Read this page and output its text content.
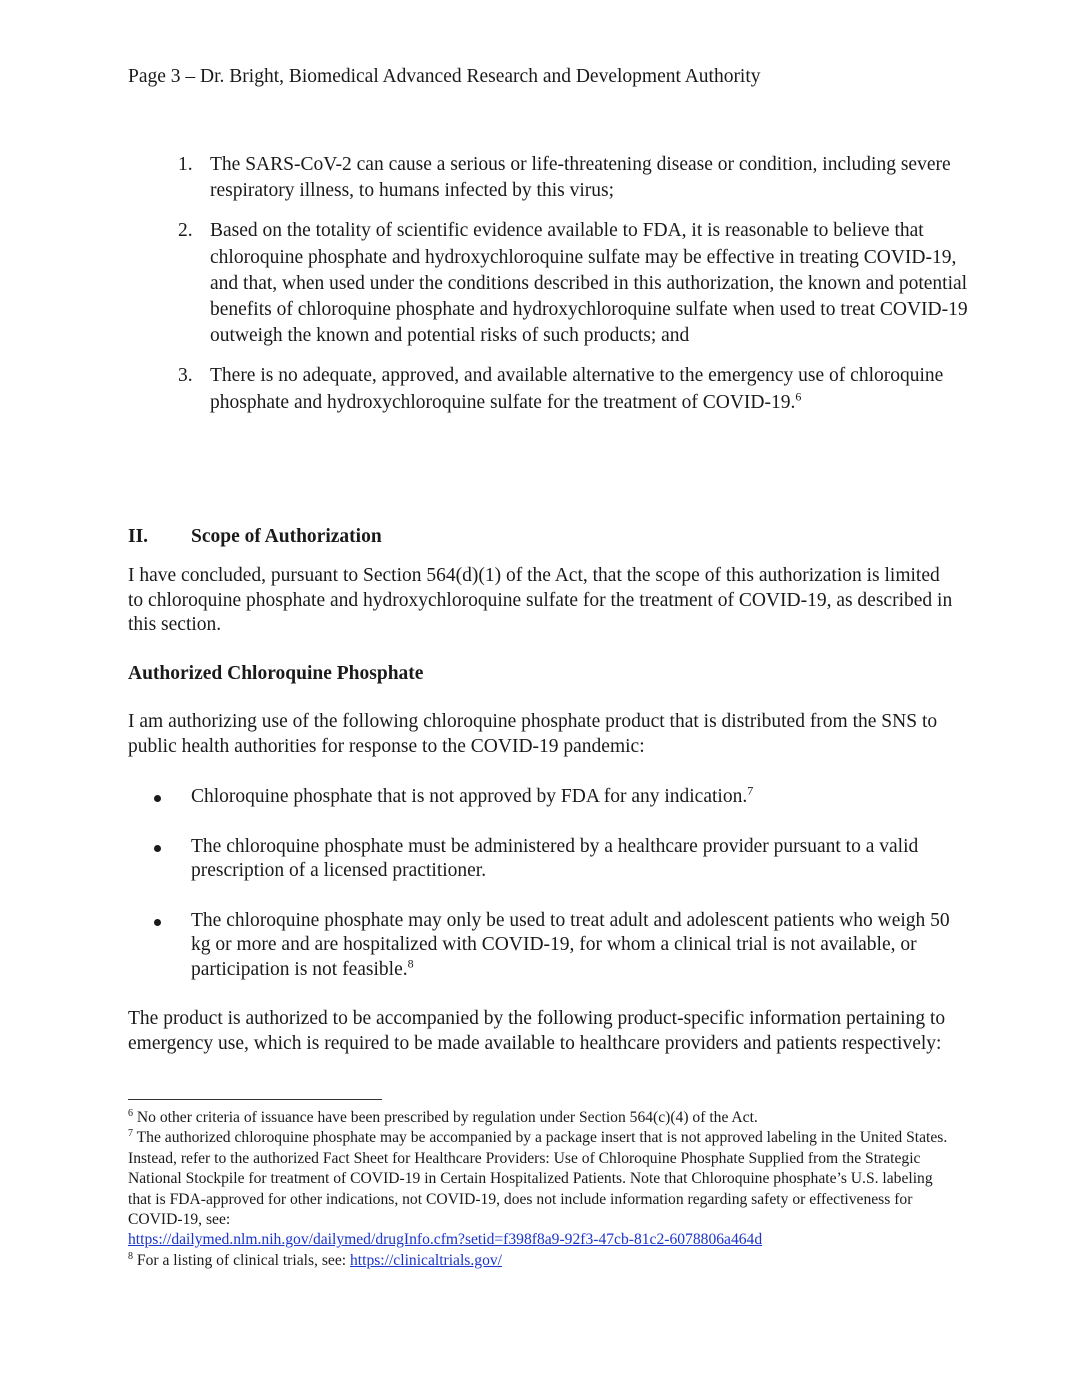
Page 3 – Dr. Bright, Biomedical Advanced Research and Development Authority
1. The SARS-CoV-2 can cause a serious or life-threatening disease or condition, including severe respiratory illness, to humans infected by this virus;
2. Based on the totality of scientific evidence available to FDA, it is reasonable to believe that chloroquine phosphate and hydroxychloroquine sulfate may be effective in treating COVID-19, and that, when used under the conditions described in this authorization, the known and potential benefits of chloroquine phosphate and hydroxychloroquine sulfate when used to treat COVID-19 outweigh the known and potential risks of such products; and
3. There is no adequate, approved, and available alternative to the emergency use of chloroquine phosphate and hydroxychloroquine sulfate for the treatment of COVID-19.$^6$
II. Scope of Authorization

I have concluded, pursuant to Section 564(d)(1) of the Act, that the scope of this authorization is limited to chloroquine phosphate and hydroxychloroquine sulfate for the treatment of COVID-19, as described in this section.

Authorized Chloroquine Phosphate

I am authorizing use of the following chloroquine phosphate product that is distributed from the SNS to public health authorities for response to the COVID-19 pandemic:

Chloroquine phosphate that is not approved by FDA for any indication.$^7$
The chloroquine phosphate must be administered by a healthcare provider pursuant to a valid prescription of a licensed practitioner.
The chloroquine phosphate may only be used to treat adult and adolescent patients who weigh 50 kg or more and are hospitalized with COVID-19, for whom a clinical trial is not available, or participation is not feasible.$^8$

The product is authorized to be accompanied by the following product-specific information pertaining to emergency use, which is required to be made available to healthcare providers and patients respectively:

$^6$ No other criteria of issuance have been prescribed by regulation under Section 564(c)(4) of the Act.

$^7$ The authorized chloroquine phosphate may be accompanied by a package insert that is not approved labeling in the United States. Instead, refer to the authorized Fact Sheet for Healthcare Providers: Use of Chloroquine Phosphate Supplied from the Strategic National Stockpile for treatment of COVID-19 in Certain Hospitalized Patients. Note that Chloroquine phosphate’s U.S. labeling that is FDA-approved for other indications, not COVID-19, does not include information regarding safety or effectiveness for COVID-19, see:
https://dailymed.nlm.nih.gov/dailymed/drugInfo.cfm?setid=f398f8a9-92f3-47cb-81c2-6078806a464d

$^8$ For a listing of clinical trials, see: https://clinicaltrials.gov/
